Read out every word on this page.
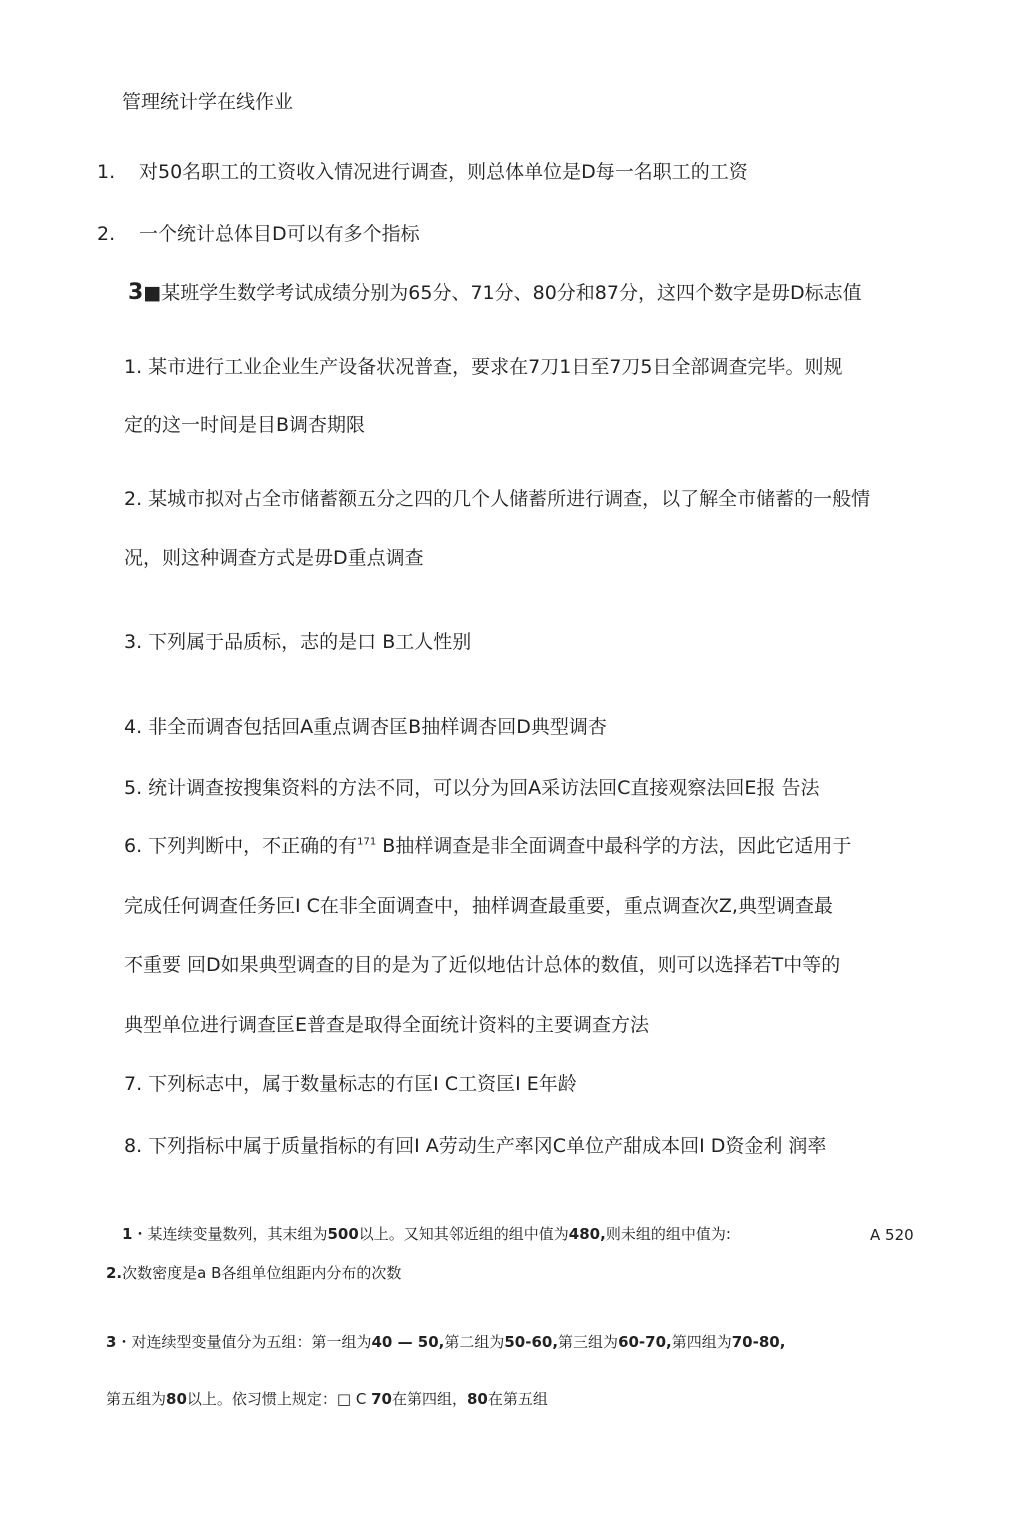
管理统计学在线作业
1. 对50名职工的工资收入情况进行调查，则总体单位是D每一名职工的工资
2. 一个统计总体目D可以有多个指标
3■某班学生数学考试成绩分别为65分、71分、80分和87分，这四个数字是毋D标志值
1. 某市进行工业企业生产设备状况普查，要求在7刀1日至7刀5日全部调查完毕。则规
定的这一时间是目B调杏期限
2. 某城市拟对占全市储蓄额五分之四的几个人储蓄所进行调查，以了解全市储蓄的一般情
况，则这种调查方式是毋D重点调查
3. 下列属于品质标，志的是口 B工人性别
4. 非全而调杳包括回A重点调杏匡B抽样调杏回D典型调杏
5. 统计调查按搜集资料的方法不同，可以分为回A采访法回C直接观察法回E报 告法
6. 下列判断中，不正确的有$^{171}$ B抽样调查是非全面调查中最科学的方法，因此它适用于
完成任何调查任务叵I C在非全面调查中，抽样调查最重要，重点调查次Z,典型调查最
不重要 回D如果典型调查的目的是为了近似地估计总体的数值，则可以选择若T中等的
典型单位进行调查匡E普查是取得全面统计资料的主要调查方法
7. 下列标志中，属于数量标志的冇匡I C工资匡I E年龄
8. 下列指标中属于质量指标的有回I A劳动生产率冈C单位产甜成本回I D资金利 润率
1・某连续变量数列，其末组为500以上。又知其邻近组的组中值为480,则未组的组中值为:	A 520
2.次数密度是a B各组单位组距内分布的次数
3・对连续型变量值分为五组：第一组为40 — 50,第二组为50-60,第三组为60-70,第四组为70-80,
第五组为80以上。依习惯上规定：□ C 70在第四组，80在第五组
